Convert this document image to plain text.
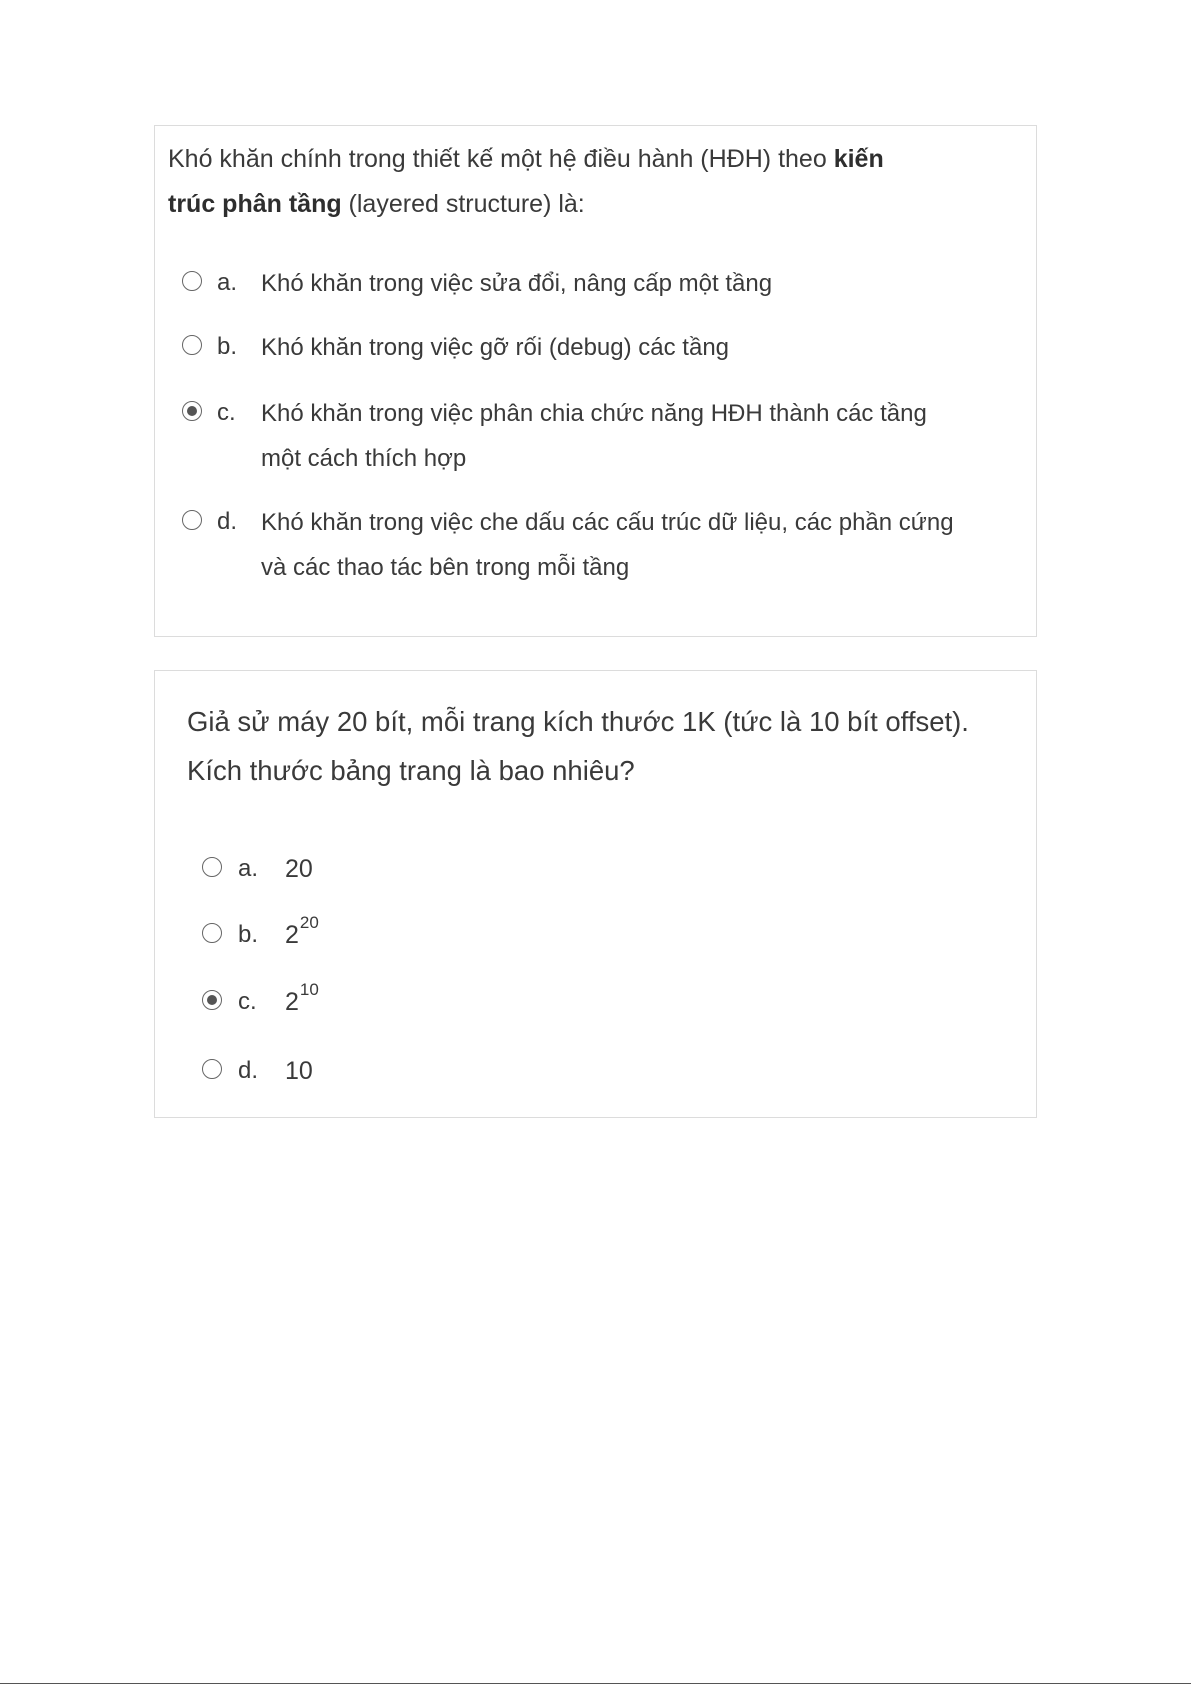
Khó khăn chính trong thiết kế một hệ điều hành (HĐH) theo kiến
trúc phân tầng (layered structure) là:
a. Khó khăn trong việc sửa đổi, nâng cấp một tầng
b. Khó khăn trong việc gỡ rối (debug) các tầng
c. Khó khăn trong việc phân chia chức năng HĐH thành các tầng
một cách thích hợp
d. Khó khăn trong việc che dấu các cấu trúc dữ liệu, các phần cứng
và các thao tác bên trong mỗi tầng
Giả sử máy 20 bít, mỗi trang kích thước 1K (tức là 10 bít offset).
Kích thước bảng trang là bao nhiêu?
a. 20
b. $2^{20}$
c. $2^{10}$
d. 10
